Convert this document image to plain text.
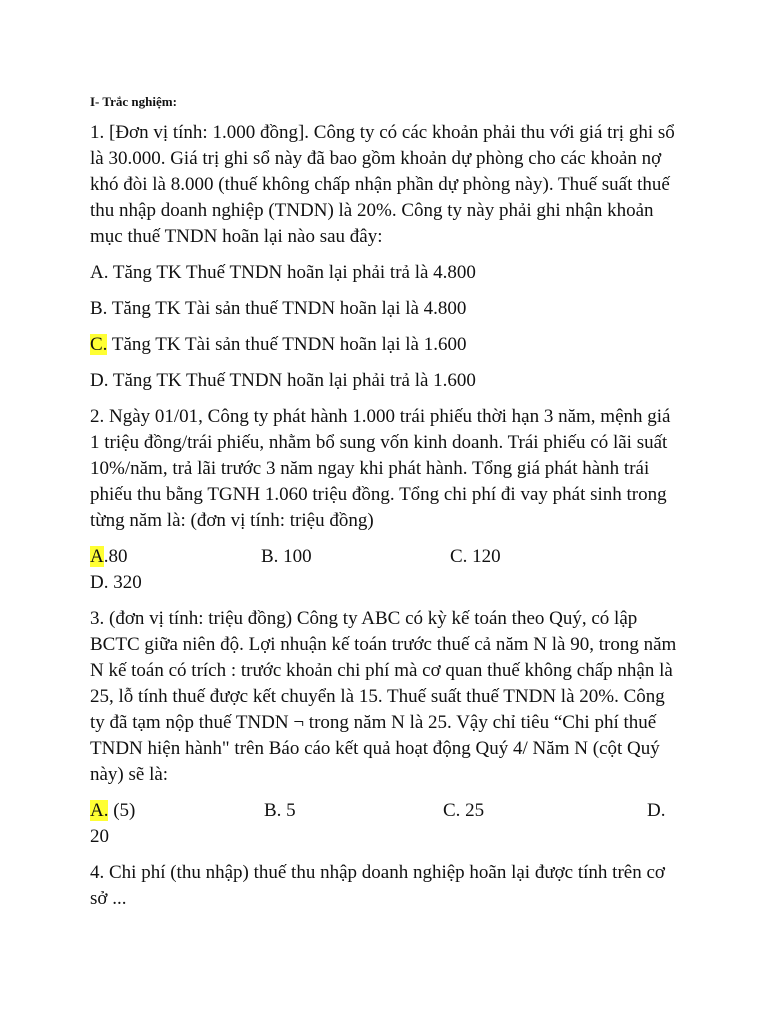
I- Trắc nghiệm:
1. [Đơn vị tính: 1.000 đồng]. Công ty có các khoản phải thu với giá trị ghi sổ là 30.000. Giá trị ghi sổ này đã bao gồm khoản dự phòng cho các khoản nợ khó đòi là 8.000 (thuế không chấp nhận phần dự phòng này). Thuế suất thuế thu nhập doanh nghiệp (TNDN) là 20%. Công ty này phải ghi nhận khoản mục thuế TNDN hoãn lại nào sau đây:
A. Tăng TK Thuế TNDN hoãn lại phải trả là 4.800
B. Tăng TK Tài sản thuế TNDN hoãn lại là 4.800
C. Tăng TK Tài sản thuế TNDN hoãn lại là 1.600
D. Tăng TK Thuế TNDN hoãn lại phải trả là 1.600
2. Ngày 01/01, Công ty phát hành 1.000 trái phiếu thời hạn 3 năm, mệnh giá 1 triệu đồng/trái phiếu, nhằm bổ sung vốn kinh doanh. Trái phiếu có lãi suất 10%/năm, trả lãi trước 3 năm ngay khi phát hành. Tổng giá phát hành trái phiếu thu bằng TGNH 1.060 triệu đồng. Tổng chi phí đi vay phát sinh trong từng năm là: (đơn vị tính: triệu đồng)
A.80	B. 100	C. 120
D. 320
3. (đơn vị tính: triệu đồng) Công ty ABC có kỳ kế toán theo Quý, có lập BCTC giữa niên độ. Lợi nhuận kế toán trước thuế cả năm N là 90, trong năm N kế toán có trích : trước khoản chi phí mà cơ quan thuế không chấp nhận là 25, lỗ tính thuế được kết chuyển là 15. Thuế suất thuế TNDN là 20%. Công ty đã tạm nộp thuế TNDN ¬ trong năm N là 25. Vậy chỉ tiêu “Chi phí thuế TNDN hiện hành" trên Báo cáo kết quả hoạt động Quý 4/ Năm N (cột Quý này) sẽ là:
A. (5)	B. 5	C. 25	D.
20
4. Chi phí (thu nhập) thuế thu nhập doanh nghiệp hoãn lại được tính trên cơ sở ...
